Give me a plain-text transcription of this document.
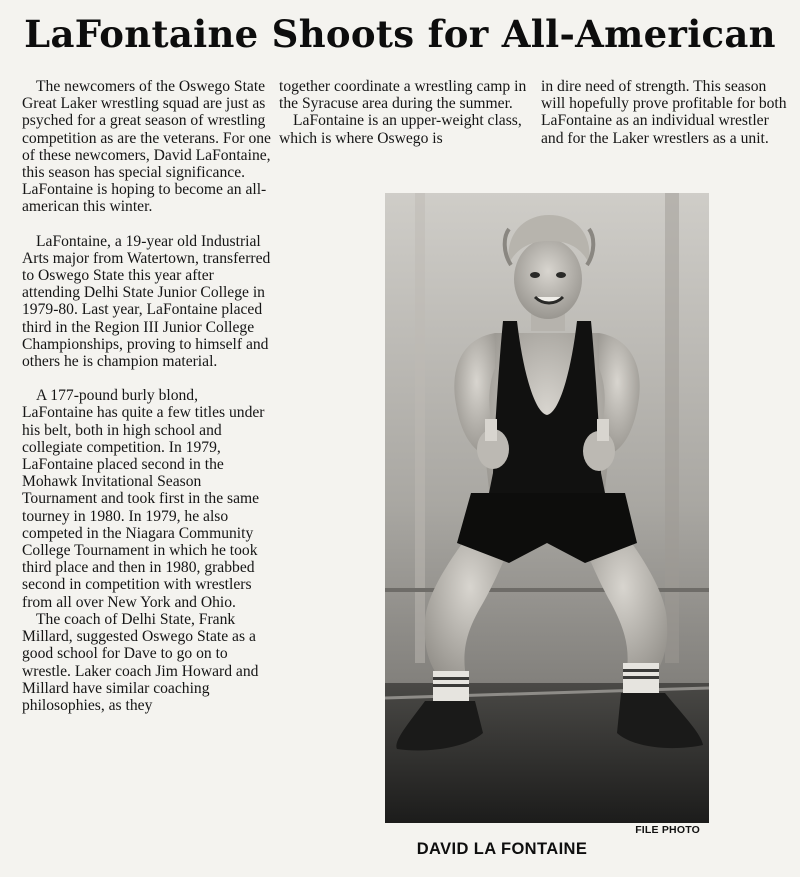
LaFontaine Shoots for All-American

The newcomers of the Oswego State Great Laker wrestling squad are just as psyched for a great season of wrestling competition as are the veterans. For one of these newcomers, David LaFontaine, this season has special significance. LaFontaine is hoping to become an all-american this winter.

LaFontaine, a 19-year old Industrial Arts major from Watertown, transferred to Oswego State this year after attending Delhi State Junior College in 1979-80. Last year, LaFontaine placed third in the Region III Junior College Championships, proving to himself and others he is champion material.

A 177-pound burly blond, LaFontaine has quite a few titles under his belt, both in high school and collegiate competition. In 1979, LaFontaine placed second in the Mohawk Invitational Season Tournament and took first in the same tourney in 1980. In 1979, he also competed in the Niagara Community College Tournament in which he took third place and then in 1980, grabbed second in competition with wrestlers from all over New York and Ohio.

The coach of Delhi State, Frank Millard, suggested Oswego State as a good school for Dave to go on to wrestle. Laker coach Jim Howard and Millard have similar coaching philosophies, as they

together coordinate a wrestling camp in the Syracuse area during the summer.

LaFontaine is an upper-weight class, which is where Oswego is

in dire need of strength. This season will hopefully prove profitable for both LaFontaine as an individual wrestler and for the Laker wrestlers as a unit.

FILE PHOTO
DAVID LA FONTAINE
